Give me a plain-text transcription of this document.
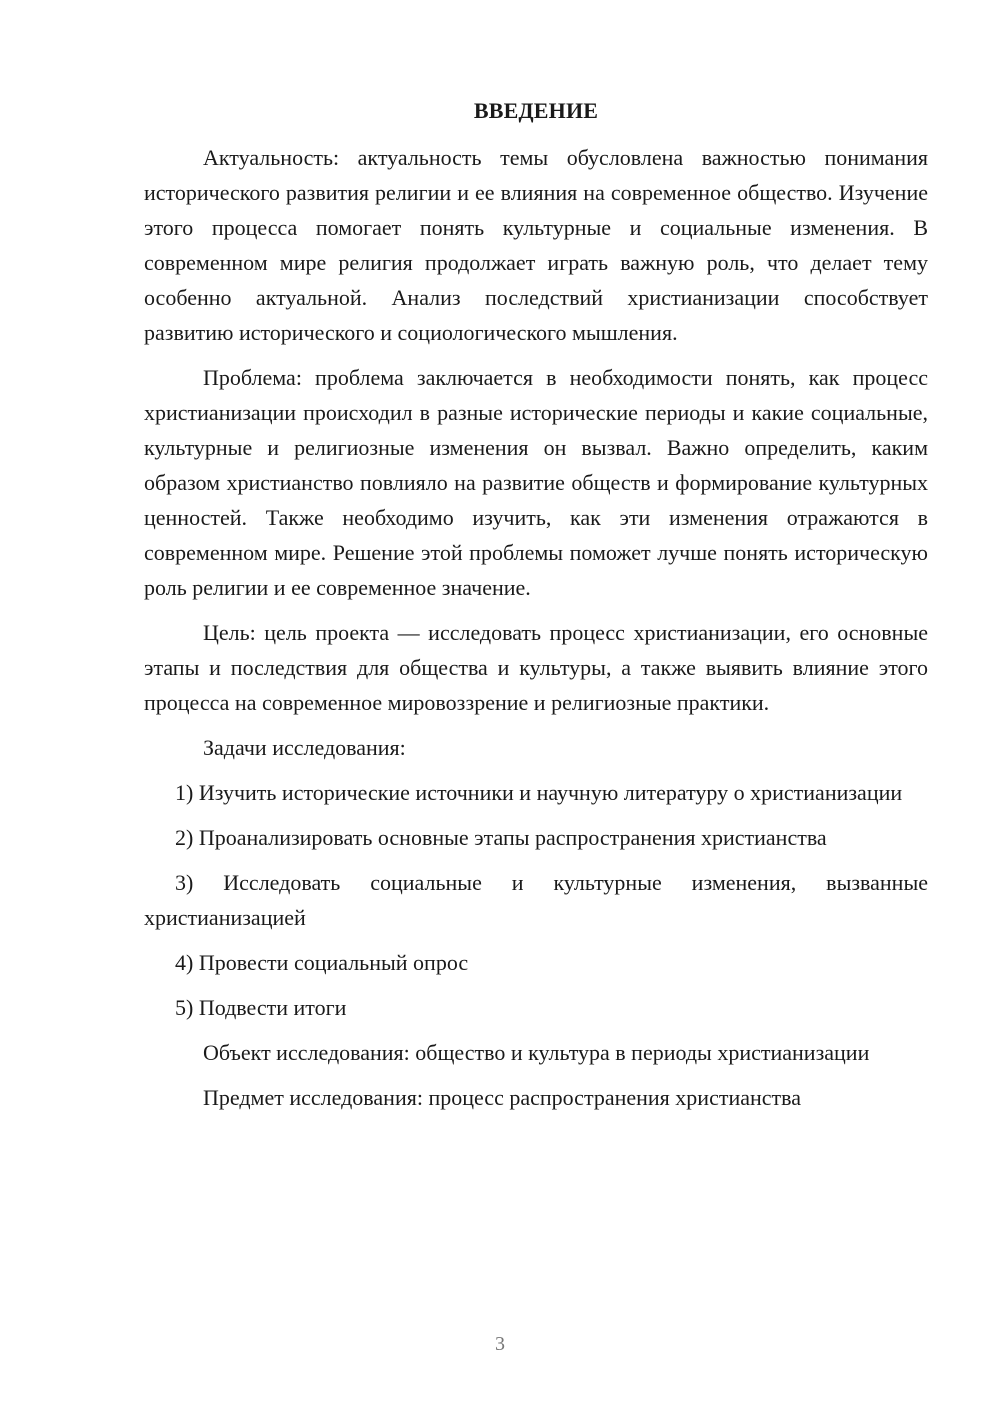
ВВЕДЕНИЕ

Актуальность: актуальность темы обусловлена важностью понимания исторического развития религии и ее влияния на современное общество. Изучение этого процесса помогает понять культурные и социальные изменения. В современном мире религия продолжает играть важную роль, что делает тему особенно актуальной. Анализ последствий христианизации способствует развитию исторического и социологического мышления.

Проблема: проблема заключается в необходимости понять, как процесс христианизации происходил в разные исторические периоды и какие социальные, культурные и религиозные изменения он вызвал. Важно определить, каким образом христианство повлияло на развитие обществ и формирование культурных ценностей. Также необходимо изучить, как эти изменения отражаются в современном мире. Решение этой проблемы поможет лучше понять историческую роль религии и ее современное значение.

Цель: цель проекта — исследовать процесс христианизации, его основные этапы и последствия для общества и культуры, а также выявить влияние этого процесса на современное мировоззрение и религиозные практики.

Задачи исследования:

1) Изучить исторические источники и научную литературу о христианизации

2) Проанализировать основные этапы распространения христианства

3) Исследовать социальные и культурные изменения, вызванные христианизацией

4) Провести социальный опрос

5) Подвести итоги

Объект исследования: общество и культура в периоды христианизации

Предмет исследования: процесс распространения христианства

3
